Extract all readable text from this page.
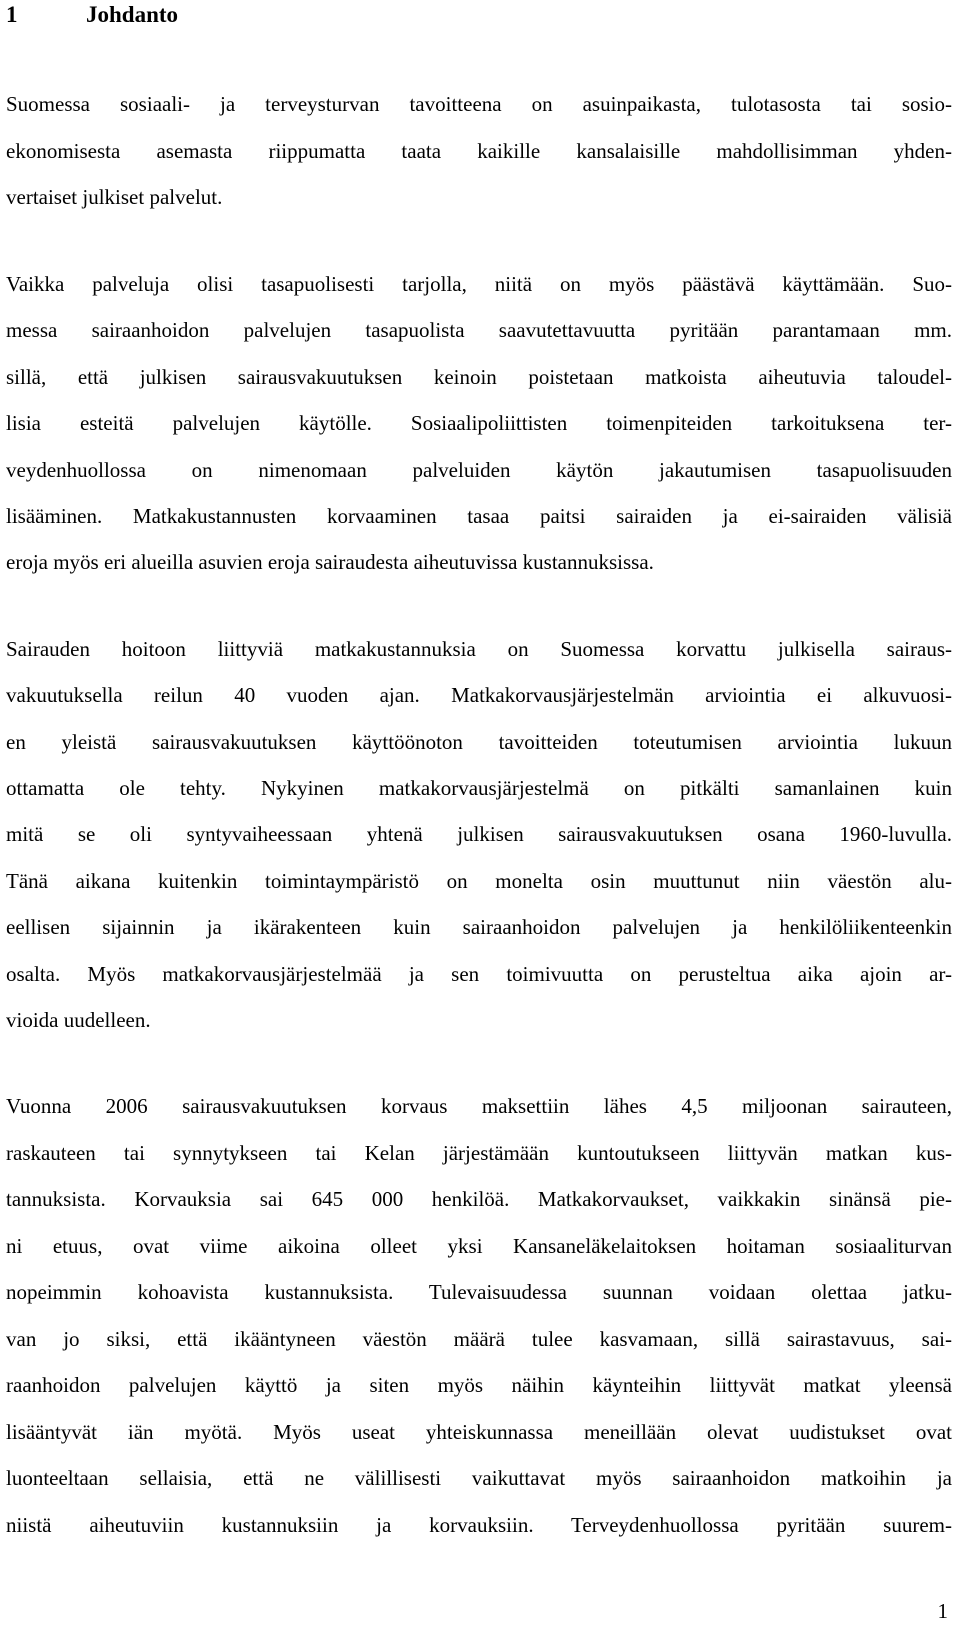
1	Johdanto
Suomessa sosiaali- ja terveysturvan tavoitteena on asuinpaikasta, tulotasosta tai sosio-
ekonomisesta asemasta riippumatta taata kaikille kansalaisille mahdollisimman yhden-
vertaiset julkiset palvelut.
Vaikka palveluja olisi tasapuolisesti tarjolla, niitä on myös päästävä käyttämään. Suo-
messa sairaanhoidon palvelujen tasapuolista saavutettavuutta pyritään parantamaan mm.
sillä, että julkisen sairausvakuutuksen keinoin poistetaan matkoista aiheutuvia taloudel-
lisia esteitä palvelujen käytölle. Sosiaalipoliittisten toimenpiteiden tarkoituksena ter-
veydenhuollossa on nimenomaan palveluiden käytön jakautumisen tasapuolisuuden
lisääminen. Matkakustannusten korvaaminen tasaa paitsi sairaiden ja ei-sairaiden välisiä
eroja myös eri alueilla asuvien eroja sairaudesta aiheutuvissa kustannuksissa.
Sairauden hoitoon liittyviä matkakustannuksia on Suomessa korvattu julkisella sairaus-
vakuutuksella reilun 40 vuoden ajan. Matkakorvausjärjestelmän arviointia ei alkuvuosi-
en yleistä sairausvakuutuksen käyttöönoton tavoitteiden toteutumisen arviointia lukuun
ottamatta ole tehty. Nykyinen matkakorvausjärjestelmä on pitkälti samanlainen kuin
mitä se oli syntyvaiheessaan yhtenä julkisen sairausvakuutuksen osana 1960-luvulla.
Tänä aikana kuitenkin toimintaympäristö on monelta osin muuttunut niin väestön alu-
eellisen sijainnin ja ikärakenteen kuin sairaanhoidon palvelujen ja henkilöliikenteenkin
osalta. Myös matkakorvausjärjestelmää ja sen toimivuutta on perusteltua aika ajoin ar-
vioida uudelleen.
Vuonna 2006 sairausvakuutuksen korvaus maksettiin lähes 4,5 miljoonan sairauteen,
raskauteen tai synnytykseen tai Kelan järjestämään kuntoutukseen liittyvän matkan kus-
tannuksista. Korvauksia sai 645 000 henkilöä. Matkakorvaukset, vaikkakin sinänsä pie-
ni etuus, ovat viime aikoina olleet yksi Kansaneläkelaitoksen hoitaman sosiaaliturvan
nopeimmin kohoavista kustannuksista. Tulevaisuudessa suunnan voidaan olettaa jatku-
van jo siksi, että ikääntyneen väestön määrä tulee kasvamaan, sillä sairastavuus, sai-
raanhoidon palvelujen käyttö ja siten myös näihin käynteihin liittyvät matkat yleensä
lisääntyvät iän myötä. Myös useat yhteiskunnassa meneillään olevat uudistukset ovat
luonteeltaan sellaisia, että ne välillisesti vaikuttavat myös sairaanhoidon matkoihin ja
niistä aiheutuviin kustannuksiin ja korvauksiin. Terveydenhuollossa pyritään suurem-
1
